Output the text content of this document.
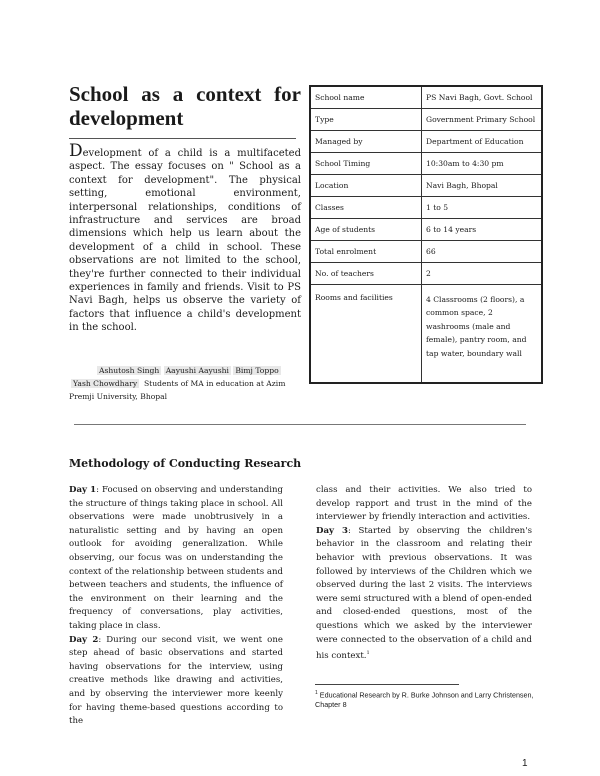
School as a context for
development

Development of a child is a multifaceted aspect. The essay focuses on " School as a context for development". The physical setting, emotional environment, interpersonal relationships, conditions of infrastructure and services are broad dimensions which help us learn about the development of a child in school. These observations are not limited to the school, they're further connected to their individual experiences in family and friends. Visit to PS Navi Bagh, helps us observe the variety of factors that influence a child's development in the school.

Ashutosh Singh Aayushi Aayushi Bimj Toppo
Yash Chowdhary Students of MA in education at Azim Premji University, Bhopal
School name	PS Navi Bagh, Govt. School
Type	Government Primary School
Managed by	Department of Education
School Timing	10:30am to 4:30 pm
Location	Navi Bagh, Bhopal
Classes	1 to 5
Age of students	6 to 14 years
Total enrolment	66
No. of teachers	2
Rooms and facilities	4 Classrooms (2 floors), a common space, 2 washrooms (male and female), pantry room, and tap water, boundary wall
Methodology of Conducting Research

Day 1: Focused on observing and understanding the structure of things taking place in school. All observations were made unobtrusively in a naturalistic setting and by having an open outlook for avoiding generalization. While observing, our focus was on understanding the context of the relationship between students and between teachers and students, the influence of the environment on their learning and the frequency of conversations, play activities, taking place in class.

Day 2: During our second visit, we went one step ahead of basic observations and started having observations for the interview, using creative methods like drawing and activities, and by observing the interviewer more keenly for having theme-based questions according to the

class and their activities. We also tried to develop rapport and trust in the mind of the interviewer by friendly interaction and activities.

Day 3: Started by observing the children's behavior in the classroom and relating their behavior with previous observations. It was followed by interviews of the Children which we observed during the last 2 visits. The interviews were semi structured with a blend of open-ended and closed-ended questions, most of the questions which we asked by the interviewer were connected to the observation of a child and his context.$^1$

$^1$ Educational Research by R. Burke Johnson and Larry Christensen, Chapter 8
1
